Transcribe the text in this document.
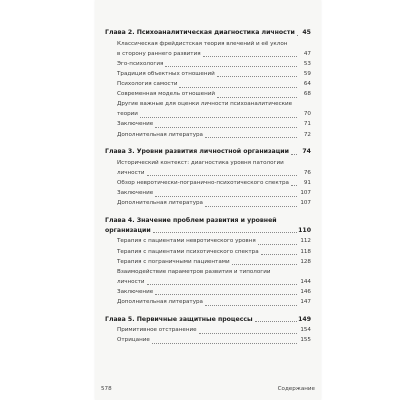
Глава 2. Психоаналитическая диагностика личности	45
Классическая фрейдистская теория влечений и её уклон
в сторону раннего развития	47
Эго-психология	53
Традиция объектных отношений	59
Психология самости	64
Современная модель отношений	68
Другие важные для оценки личности психоаналитические
теории	70
Заключение	71
Дополнительная литература	72
Глава 3. Уровни развития личностной организации	74
Исторический контекст: диагностика уровня патологии
личности	76
Обзор невротически-погранично-психотического спектра	91
Заключение	107
Дополнительная литература	107
Глава 4. Значение проблем развития и уровней
организации	110
Терапия с пациентами невротического уровня	112
Терапия с пациентами психотического спектра	118
Терапия с пограничными пациентами	128
Взаимодействие параметров развития и типологии
личности	144
Заключение	146
Дополнительная литература	147
Глава 5. Первичные защитные процессы	149
Примитивное отстранение	154
Отрицание	155
578	Содержание
